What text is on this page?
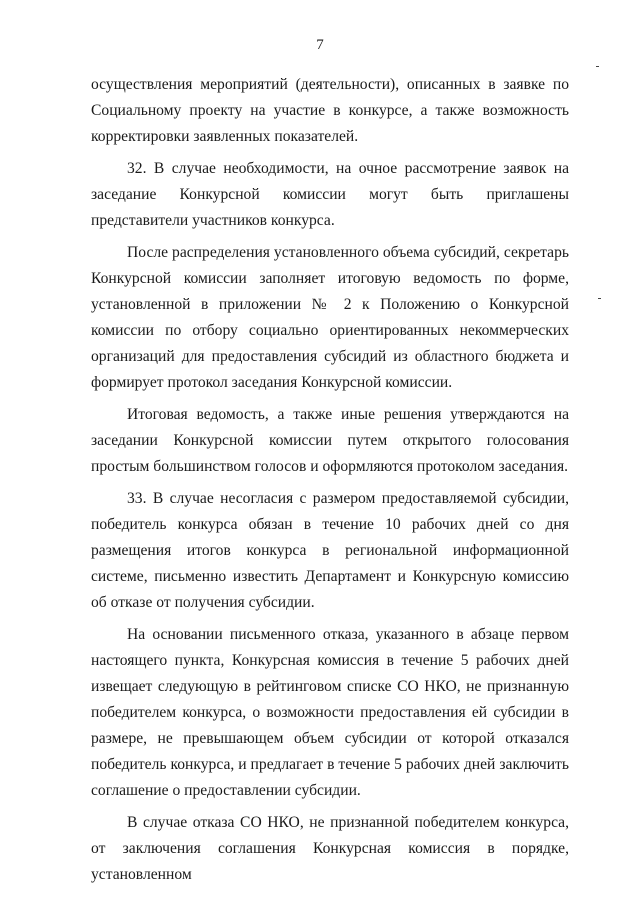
7

осуществления мероприятий (деятельности), описанных в заявке по Социальному проекту на участие в конкурсе, а также возможность корректировки заявленных показателей.

32. В случае необходимости, на очное рассмотрение заявок на заседание Конкурсной комиссии могут быть приглашены представители участников конкурса.

После распределения установленного объема субсидий, секретарь Конкурсной комиссии заполняет итоговую ведомость по форме, установленной в приложении № 2 к Положению о Конкурсной комиссии по отбору социально ориентированных некоммерческих организаций для предоставления субсидий из областного бюджета и формирует протокол заседания Конкурсной комиссии.

Итоговая ведомость, а также иные решения утверждаются на заседании Конкурсной комиссии путем открытого голосования простым большинством голосов и оформляются протоколом заседания.

33. В случае несогласия с размером предоставляемой субсидии, победитель конкурса обязан в течение 10 рабочих дней со дня размещения итогов конкурса в региональной информационной системе, письменно известить Департамент и Конкурсную комиссию об отказе от получения субсидии.

На основании письменного отказа, указанного в абзаце первом настоящего пункта, Конкурсная комиссия в течение 5 рабочих дней извещает следующую в рейтинговом списке СО НКО, не признанную победителем конкурса, о возможности предоставления ей субсидии в размере, не превышающем объем субсидии от которой отказался победитель конкурса, и предлагает в течение 5 рабочих дней заключить соглашение о предоставлении субсидии.

В случае отказа СО НКО, не признанной победителем конкурса, от заключения соглашения Конкурсная комиссия в порядке, установленном
